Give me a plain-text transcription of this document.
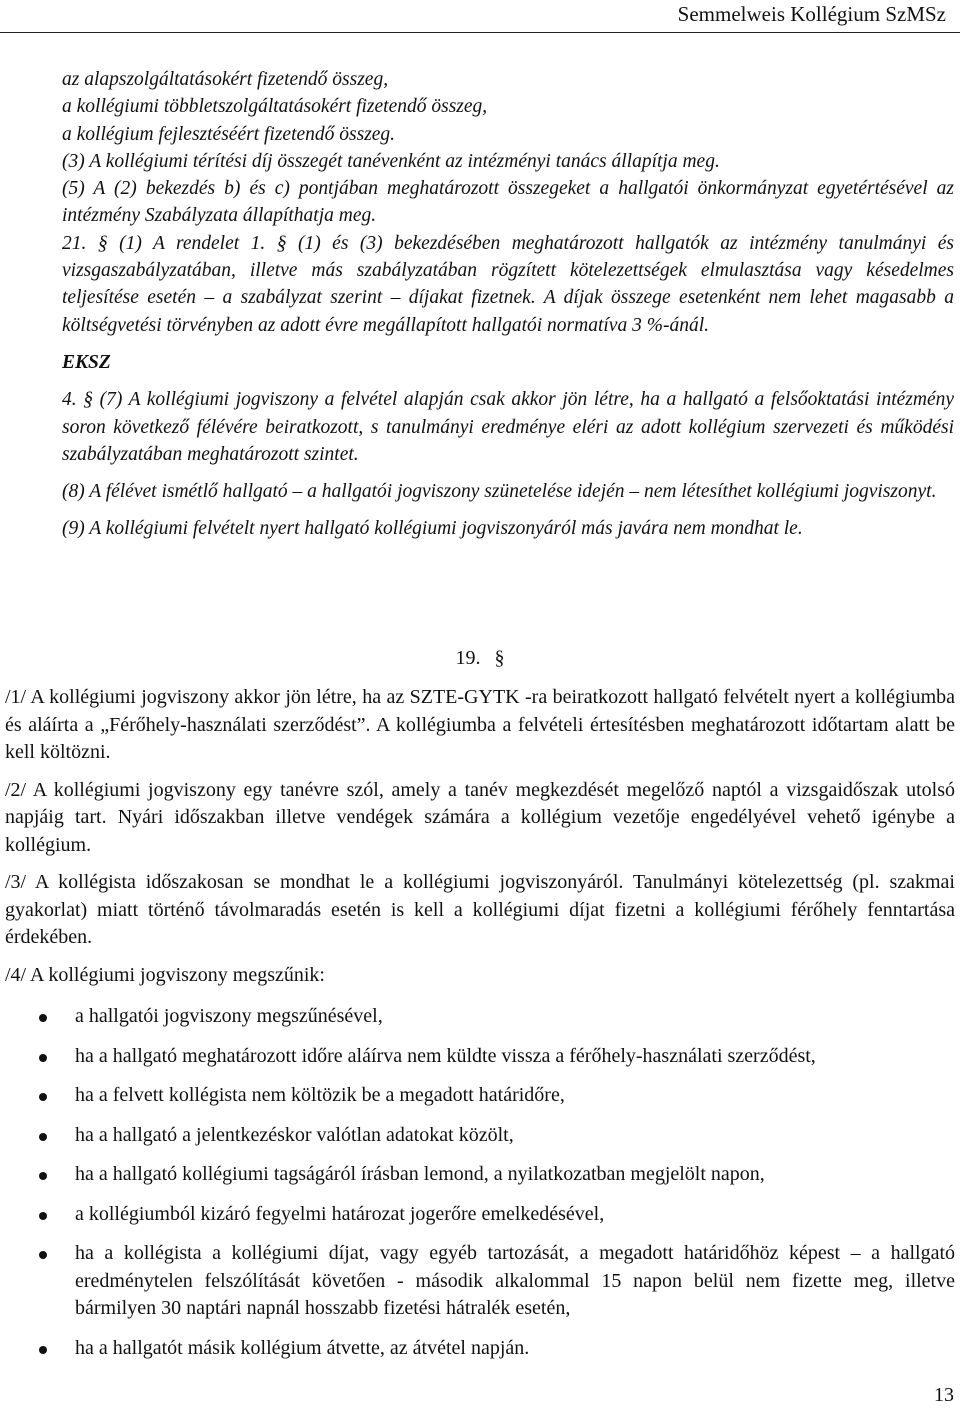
Semmelweis Kollégium SzMSz

az alapszolgáltatásokért fizetendő összeg,
a kollégiumi többletszolgáltatásokért fizetendő összeg,
a kollégium fejlesztéséért fizetendő összeg.

(3) A kollégiumi térítési díj összegét tanévenként az intézményi tanács állapítja meg.

(5) A (2) bekezdés b) és c) pontjában meghatározott összegeket a hallgatói önkormányzat egyetértésével az intézmény Szabályzata állapíthatja meg.

21. § (1) A rendelet 1. § (1) és (3) bekezdésében meghatározott hallgatók az intézmény tanulmányi és vizsgaszabályzatában, illetve más szabályzatában rögzített kötelezettségek elmulasztása vagy késedelmes teljesítése esetén – a szabályzat szerint – díjakat fizetnek. A díjak összege esetenként nem lehet magasabb a költségvetési törvényben az adott évre megállapított hallgatói normatíva 3 %-ánál.

EKSZ

4. § (7) A kollégiumi jogviszony a felvétel alapján csak akkor jön létre, ha a hallgató a felsőoktatási intézmény soron következő félévére beiratkozott, s tanulmányi eredménye eléri az adott kollégium szervezeti és működési szabályzatában meghatározott szintet.

(8) A félévet ismétlő hallgató – a hallgatói jogviszony szünetelése idején – nem létesíthet kollégiumi jogviszonyt.

(9) A kollégiumi felvételt nyert hallgató kollégiumi jogviszonyáról más javára nem mondhat le.

19. §

/1/ A kollégiumi jogviszony akkor jön létre, ha az SZTE-GYTK -ra beiratkozott hallgató felvételt nyert a kollégiumba és aláírta a „Férőhely-használati szerződést”. A kollégiumba a felvételi értesítésben meghatározott időtartam alatt be kell költözni.

/2/ A kollégiumi jogviszony egy tanévre szól, amely a tanév megkezdését megelőző naptól a vizsgaidőszak utolsó napjáig tart. Nyári időszakban illetve vendégek számára a kollégium vezetője engedélyével vehető igénybe a kollégium.

/3/ A kollégista időszakosan se mondhat le a kollégiumi jogviszonyáról. Tanulmányi kötelezettség (pl. szakmai gyakorlat) miatt történő távolmaradás esetén is kell a kollégiumi díjat fizetni a kollégiumi férőhely fenntartása érdekében.

/4/ A kollégiumi jogviszony megszűnik:

a hallgatói jogviszony megszűnésével,
ha a hallgató meghatározott időre aláírva nem küldte vissza a férőhely-használati szerződést,
ha a felvett kollégista nem költözik be a megadott határidőre,
ha a hallgató a jelentkezéskor valótlan adatokat közölt,
ha a hallgató kollégiumi tagságáról írásban lemond, a nyilatkozatban megjelölt napon,
a kollégiumból kizáró fegyelmi határozat jogerőre emelkedésével,
ha a kollégista a kollégiumi díjat, vagy egyéb tartozását, a megadott határidőhöz képest – a hallgató eredménytelen felszólítását követően - második alkalommal 15 napon belül nem fizette meg, illetve bármilyen 30 naptári napnál hosszabb fizetési hátralék esetén,
ha a hallgatót másik kollégium átvette, az átvétel napján.
13
